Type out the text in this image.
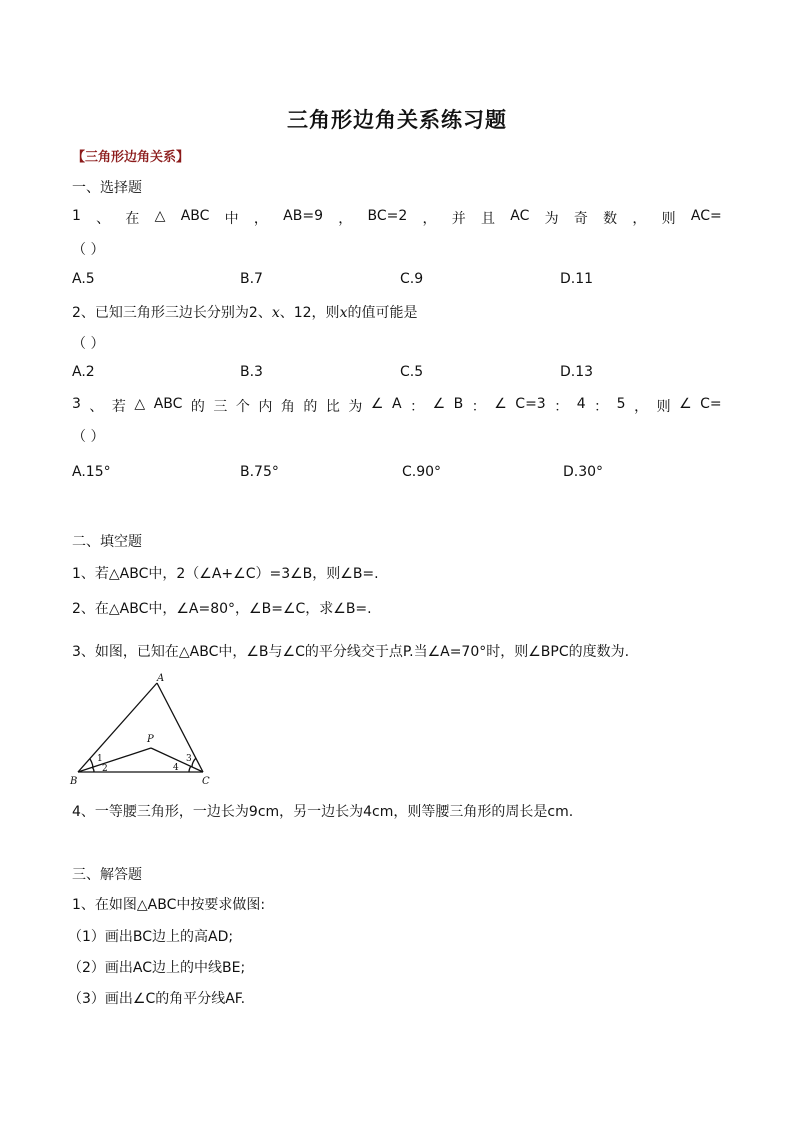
三角形边角关系练习题
【三角形边角关系】
一、选择题
1 、 在 △ ABC 中 ， AB=9 ， BC=2 ， 并 且 AC 为 奇 数 ， 则 AC=
（ ）
A.5	B.7	C.9	D.11
2、已知三角形三边长分别为2、x、12，则x的值可能是
（ ）
A.2	B.3	C.5	D.13
3 、 若 △ ABC 的 三 个 内 角 的 比 为 ∠ A ： ∠ B ： ∠ C=3 ： 4 ： 5 ， 则 ∠ C=
（ ）
A.15°	B.75°	C.90°	D.30°
二、填空题
1、若△ABC中，2（∠A+∠C）=3∠B，则∠B=.
2、在△ABC中，∠A=80°，∠B=∠C，求∠B=.
3、如图，已知在△ABC中，∠B与∠C的平分线交于点P.当∠A=70°时，则∠BPC的度数为.
A
B	C
P
1
2
3
4
4、一等腰三角形，一边长为9cm，另一边长为4cm，则等腰三角形的周长是cm.
三、解答题
1、在如图△ABC中按要求做图:
（1）画出BC边上的高AD;
（2）画出AC边上的中线BE;
（3）画出∠C的角平分线AF.
